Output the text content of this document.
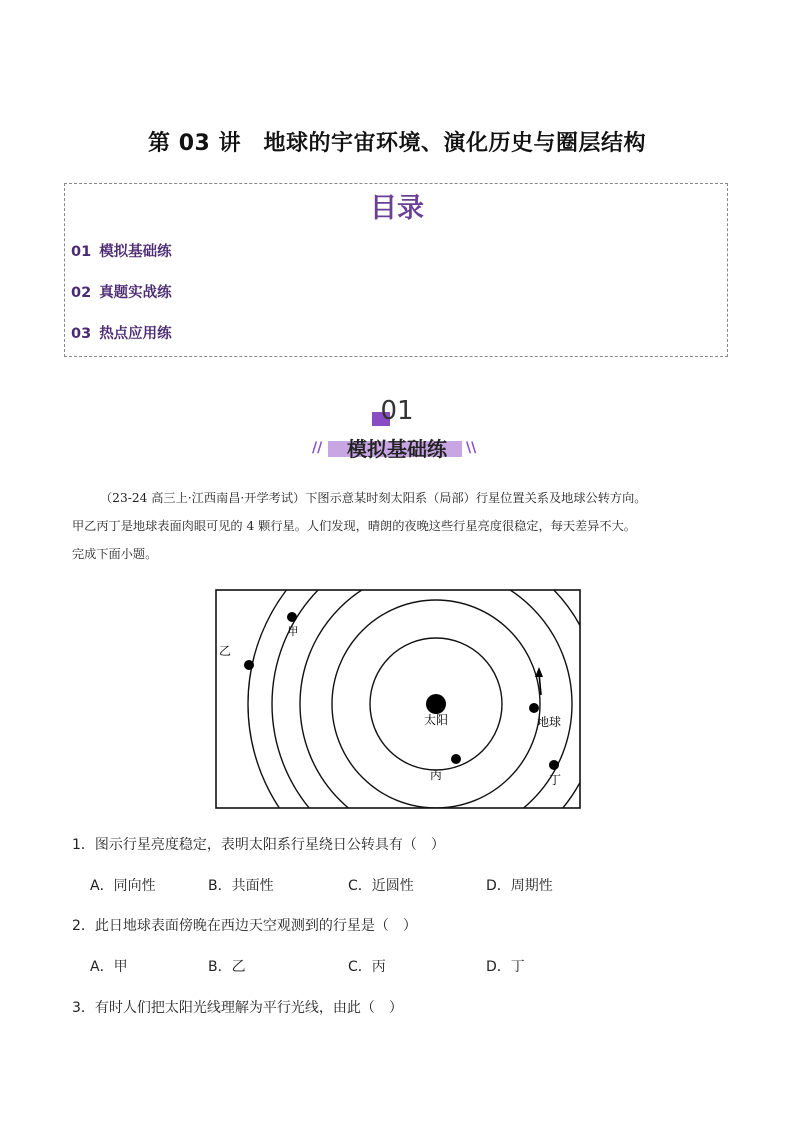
第 03 讲　地球的宇宙环境、演化历史与圈层结构
目录
01 模拟基础练
02 真题实战练
03 热点应用练
01
//	\\
模拟基础练
（23-24 高三上·江西南昌·开学考试）下图示意某时刻太阳系（局部）行星位置关系及地球公转方向。
甲乙丙丁是地球表面肉眼可见的 4 颗行星。人们发现，晴朗的夜晚这些行星亮度很稳定，每天差异不大。
完成下面小题。
太阳
丙
地球
丁
甲
乙
1．图示行星亮度稳定，表明太阳系行星绕日公转具有（　）
A．同向性	B．共面性	C．近圆性	D．周期性
2．此日地球表面傍晚在西边天空观测到的行星是（　）
A．甲	B．乙	C．丙	D．丁
3．有时人们把太阳光线理解为平行光线，由此（　）
